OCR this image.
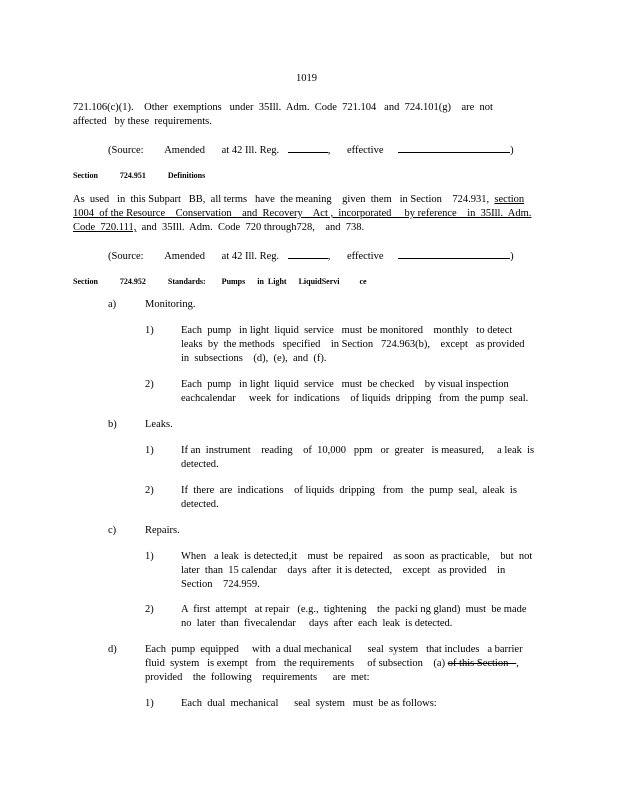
1019
721.106(c)(1).    Other  exemptions   under  35Ill.  Adm.  Code  721.104   and  724.101(g)    are  not
affected   by these  requirements.
(Source: Amended at 42 Ill. Reg.	, effective	)
Section	724.951	Definitions
As  used   in  this Subpart   BB,  all terms   have  the meaning    given  them   in Section    724.931,  section
1004  of the Resource    Conservation    and  Recovery    Act ,  incorporated     by reference    in  35Ill.  Adm.
Code  720.111,  and  35Ill.  Adm.  Code  720 through728,    and  738.
(Source: Amended at 42 Ill. Reg.	, effective	)
Section	724.952	Standards:        Pumps      in  Light      LiquidServi          ce
a)	Monitoring.
1)	Each  pump   in light  liquid  service   must  be monitored    monthly   to detect
leaks  by  the methods   specified    in Section   724.963(b),    except   as provided
in  subsections    (d),  (e),  and  (f).
2)	Each  pump   in light  liquid  service   must  be checked    by visual inspection
eachcalendar     week  for  indications    of liquids  dripping   from  the pump  seal.
b)	Leaks.
1)	If an  instrument    reading    of  10,000   ppm   or  greater   is measured,     a leak  is
detected.
2)	If  there  are  indications    of liquids  dripping   from   the  pump  seal,  aleak  is
detected.
c)	Repairs.
1)	When   a leak  is detected,it    must  be  repaired    as soon  as practicable,    but  not
later  than  15 calendar    days  after  it is detected,    except   as provided    in
Section    724.959.
2)	A  first  attempt   at repair   (e.g.,  tightening    the  packi ng gland)  must  be made
no  later  than  fivecalendar     days  after  each  leak  is detected.
d)	Each  pump  equipped     with  a dual mechanical      seal  system   that includes   a barrier
fluid  system   is exempt   from   the requirements     of subsection    (a) of this Section   ,
provided    the  following    requirements      are  met:
1)	Each  dual  mechanical      seal  system   must  be as follows:
